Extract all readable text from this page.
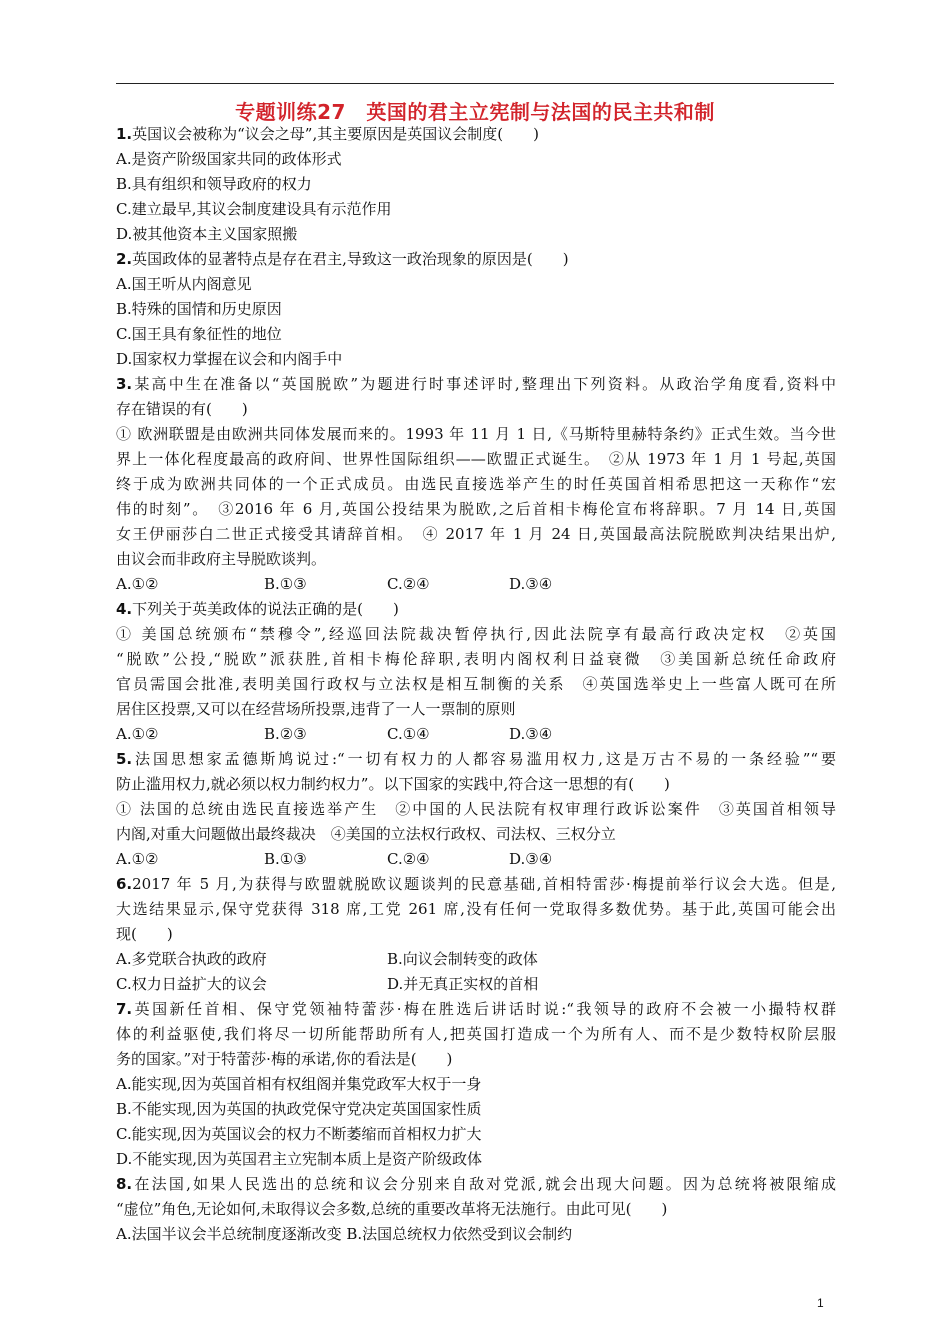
专题训练27　英国的君主立宪制与法国的民主共和制
1.英国议会被称为“议会之母”,其主要原因是英国议会制度(　　)
A.是资产阶级国家共同的政体形式
B.具有组织和领导政府的权力
C.建立最早,其议会制度建设具有示范作用
D.被其他资本主义国家照搬
2.英国政体的显著特点是存在君主,导致这一政治现象的原因是(　　)
A.国王听从内阁意见
B.特殊的国情和历史原因
C.国王具有象征性的地位
D.国家权力掌握在议会和内阁手中
3.某高中生在准备以“英国脱欧”为题进行时事述评时,整理出下列资料。从政治学角度看,资料中
存在错误的有(　　)
① 欧洲联盟是由欧洲共同体发展而来的。1993 年 11 月 1 日,《马斯特里赫特条约》正式生效。当今世
界上一体化程度最高的政府间、世界性国际组织——欧盟正式诞生。　②从 1973 年 1 月 1 号起,英国
终于成为欧洲共同体的一个正式成员。由选民直接选举产生的时任英国首相希思把这一天称作“宏
伟的时刻”。　③2016 年 6 月,英国公投结果为脱欧,之后首相卡梅伦宣布将辞职。7 月 14 日,英国
女王伊丽莎白二世正式接受其请辞首相。　④ 2017 年 1 月 24 日,英国最高法院脱欧判决结果出炉,
由议会而非政府主导脱欧谈判。
A.①②	B.①③	C.②④	D.③④
4.下列关于英美政体的说法正确的是(　　)
① 美国总统颁布“禁穆令”,经巡回法院裁决暂停执行,因此法院享有最高行政决定权　②英国
“脱欧”公投,“脱欧”派获胜,首相卡梅伦辞职,表明内阁权利日益衰微　③美国新总统任命政府
官员需国会批准,表明美国行政权与立法权是相互制衡的关系　④英国选举史上一些富人既可在所
居住区投票,又可以在经营场所投票,违背了一人一票制的原则
A.①②	B.②③	C.①④	D.③④
5.法国思想家孟德斯鸠说过:“一切有权力的人都容易滥用权力,这是万古不易的一条经验”“要
防止滥用权力,就必须以权力制约权力”。以下国家的实践中,符合这一思想的有(　　)
① 法国的总统由选民直接选举产生　②中国的人民法院有权审理行政诉讼案件　③英国首相领导
内阁,对重大问题做出最终裁决　④美国的立法权行政权、司法权、三权分立
A.①②	B.①③	C.②④	D.③④
6.2017 年 5 月,为获得与欧盟就脱欧议题谈判的民意基础,首相特雷莎·梅提前举行议会大选。但是,
大选结果显示,保守党获得 318 席,工党 261 席,没有任何一党取得多数优势。基于此,英国可能会出
现(　　)
A.多党联合执政的政府	B.向议会制转变的政体
C.权力日益扩大的议会	D.并无真正实权的首相
7.英国新任首相、保守党领袖特蕾莎·梅在胜选后讲话时说:“我领导的政府不会被一小撮特权群
体的利益驱使,我们将尽一切所能帮助所有人,把英国打造成一个为所有人、而不是少数特权阶层服
务的国家。”对于特蕾莎·梅的承诺,你的看法是(　　)
A.能实现,因为英国首相有权组阁并集党政军大权于一身
B.不能实现,因为英国的执政党保守党决定英国国家性质
C.能实现,因为英国议会的权力不断萎缩而首相权力扩大
D.不能实现,因为英国君主立宪制本质上是资产阶级政体
8.在法国,如果人民选出的总统和议会分别来自敌对党派,就会出现大问题。因为总统将被限缩成
“虚位”角色,无论如何,未取得议会多数,总统的重要改革将无法施行。由此可见(　　)
A.法国半议会半总统制度逐渐改变 B.法国总统权力依然受到议会制约
1
